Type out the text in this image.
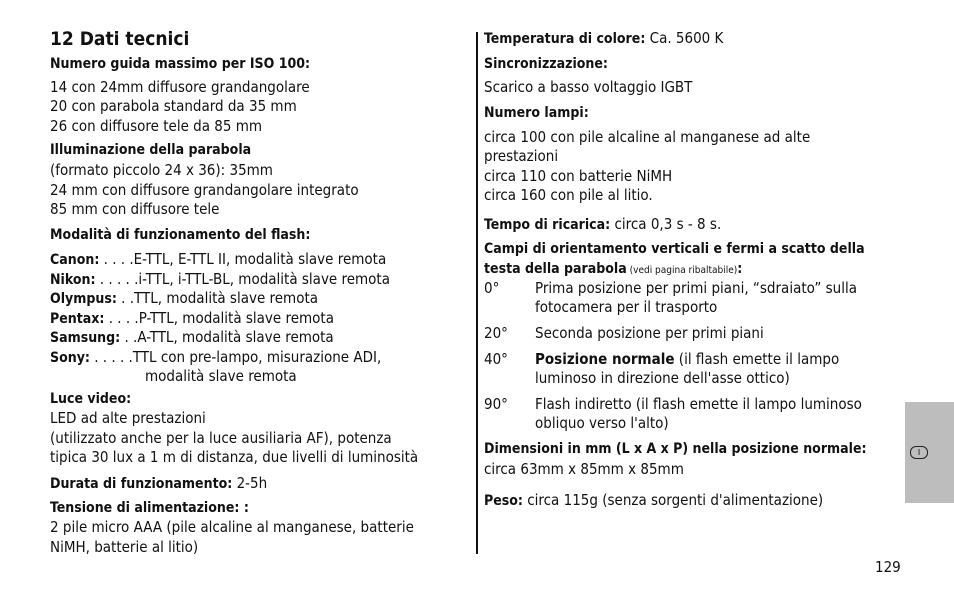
12 Dati tecnici
Numero guida massimo per ISO 100:
14 con 24mm diffusore grandangolare
20 con parabola standard da 35 mm
26 con diffusore tele da 85 mm
Illuminazione della parabola
(formato piccolo 24 x 36): 35mm
24 mm con diffusore grandangolare integrato
85 mm con diffusore tele
Modalità di funzionamento del flash:
Canon: . . . .E-TTL, E-TTL II, modalità slave remota
Nikon: . . . . .i-TTL, i-TTL-BL, modalità slave remota
Olympus: . .TTL, modalità slave remota
Pentax: . . . .P-TTL, modalità slave remota
Samsung: . .A-TTL, modalità slave remota
Sony: . . . . .TTL con pre-lampo, misurazione ADI,
modalità slave remota
Luce video:
LED ad alte prestazioni
(utilizzato anche per la luce ausiliaria AF), potenza
tipica 30 lux a 1 m di distanza, due livelli di luminosità
Durata di funzionamento: 2-5h
Tensione di alimentazione: :
2 pile micro AAA (pile alcaline al manganese, batterie
NiMH, batterie al litio)
Temperatura di colore: Ca. 5600 K
Sincronizzazione:
Scarico a basso voltaggio IGBT
Numero lampi:
circa 100 con pile alcaline al manganese ad alte
prestazioni
circa 110 con batterie NiMH
circa 160 con pile al litio.
Tempo di ricarica: circa 0,3 s - 8 s.
Campi di orientamento verticali e fermi a scatto della
testa della parabola (vedi pagina ribaltabile):
0° Prima posizione per primi piani, “sdraiato” sulla
fotocamera per il trasporto
20° Seconda posizione per primi piani
40° Posizione normale (il flash emette il lampo
luminoso in direzione dell'asse ottico)
90° Flash indiretto (il flash emette il lampo luminoso
obliquo verso l'alto)
Dimensioni in mm (L x A x P) nella posizione normale:
circa 63mm x 85mm x 85mm
Peso: circa 115g (senza sorgenti d'alimentazione)
I
129
